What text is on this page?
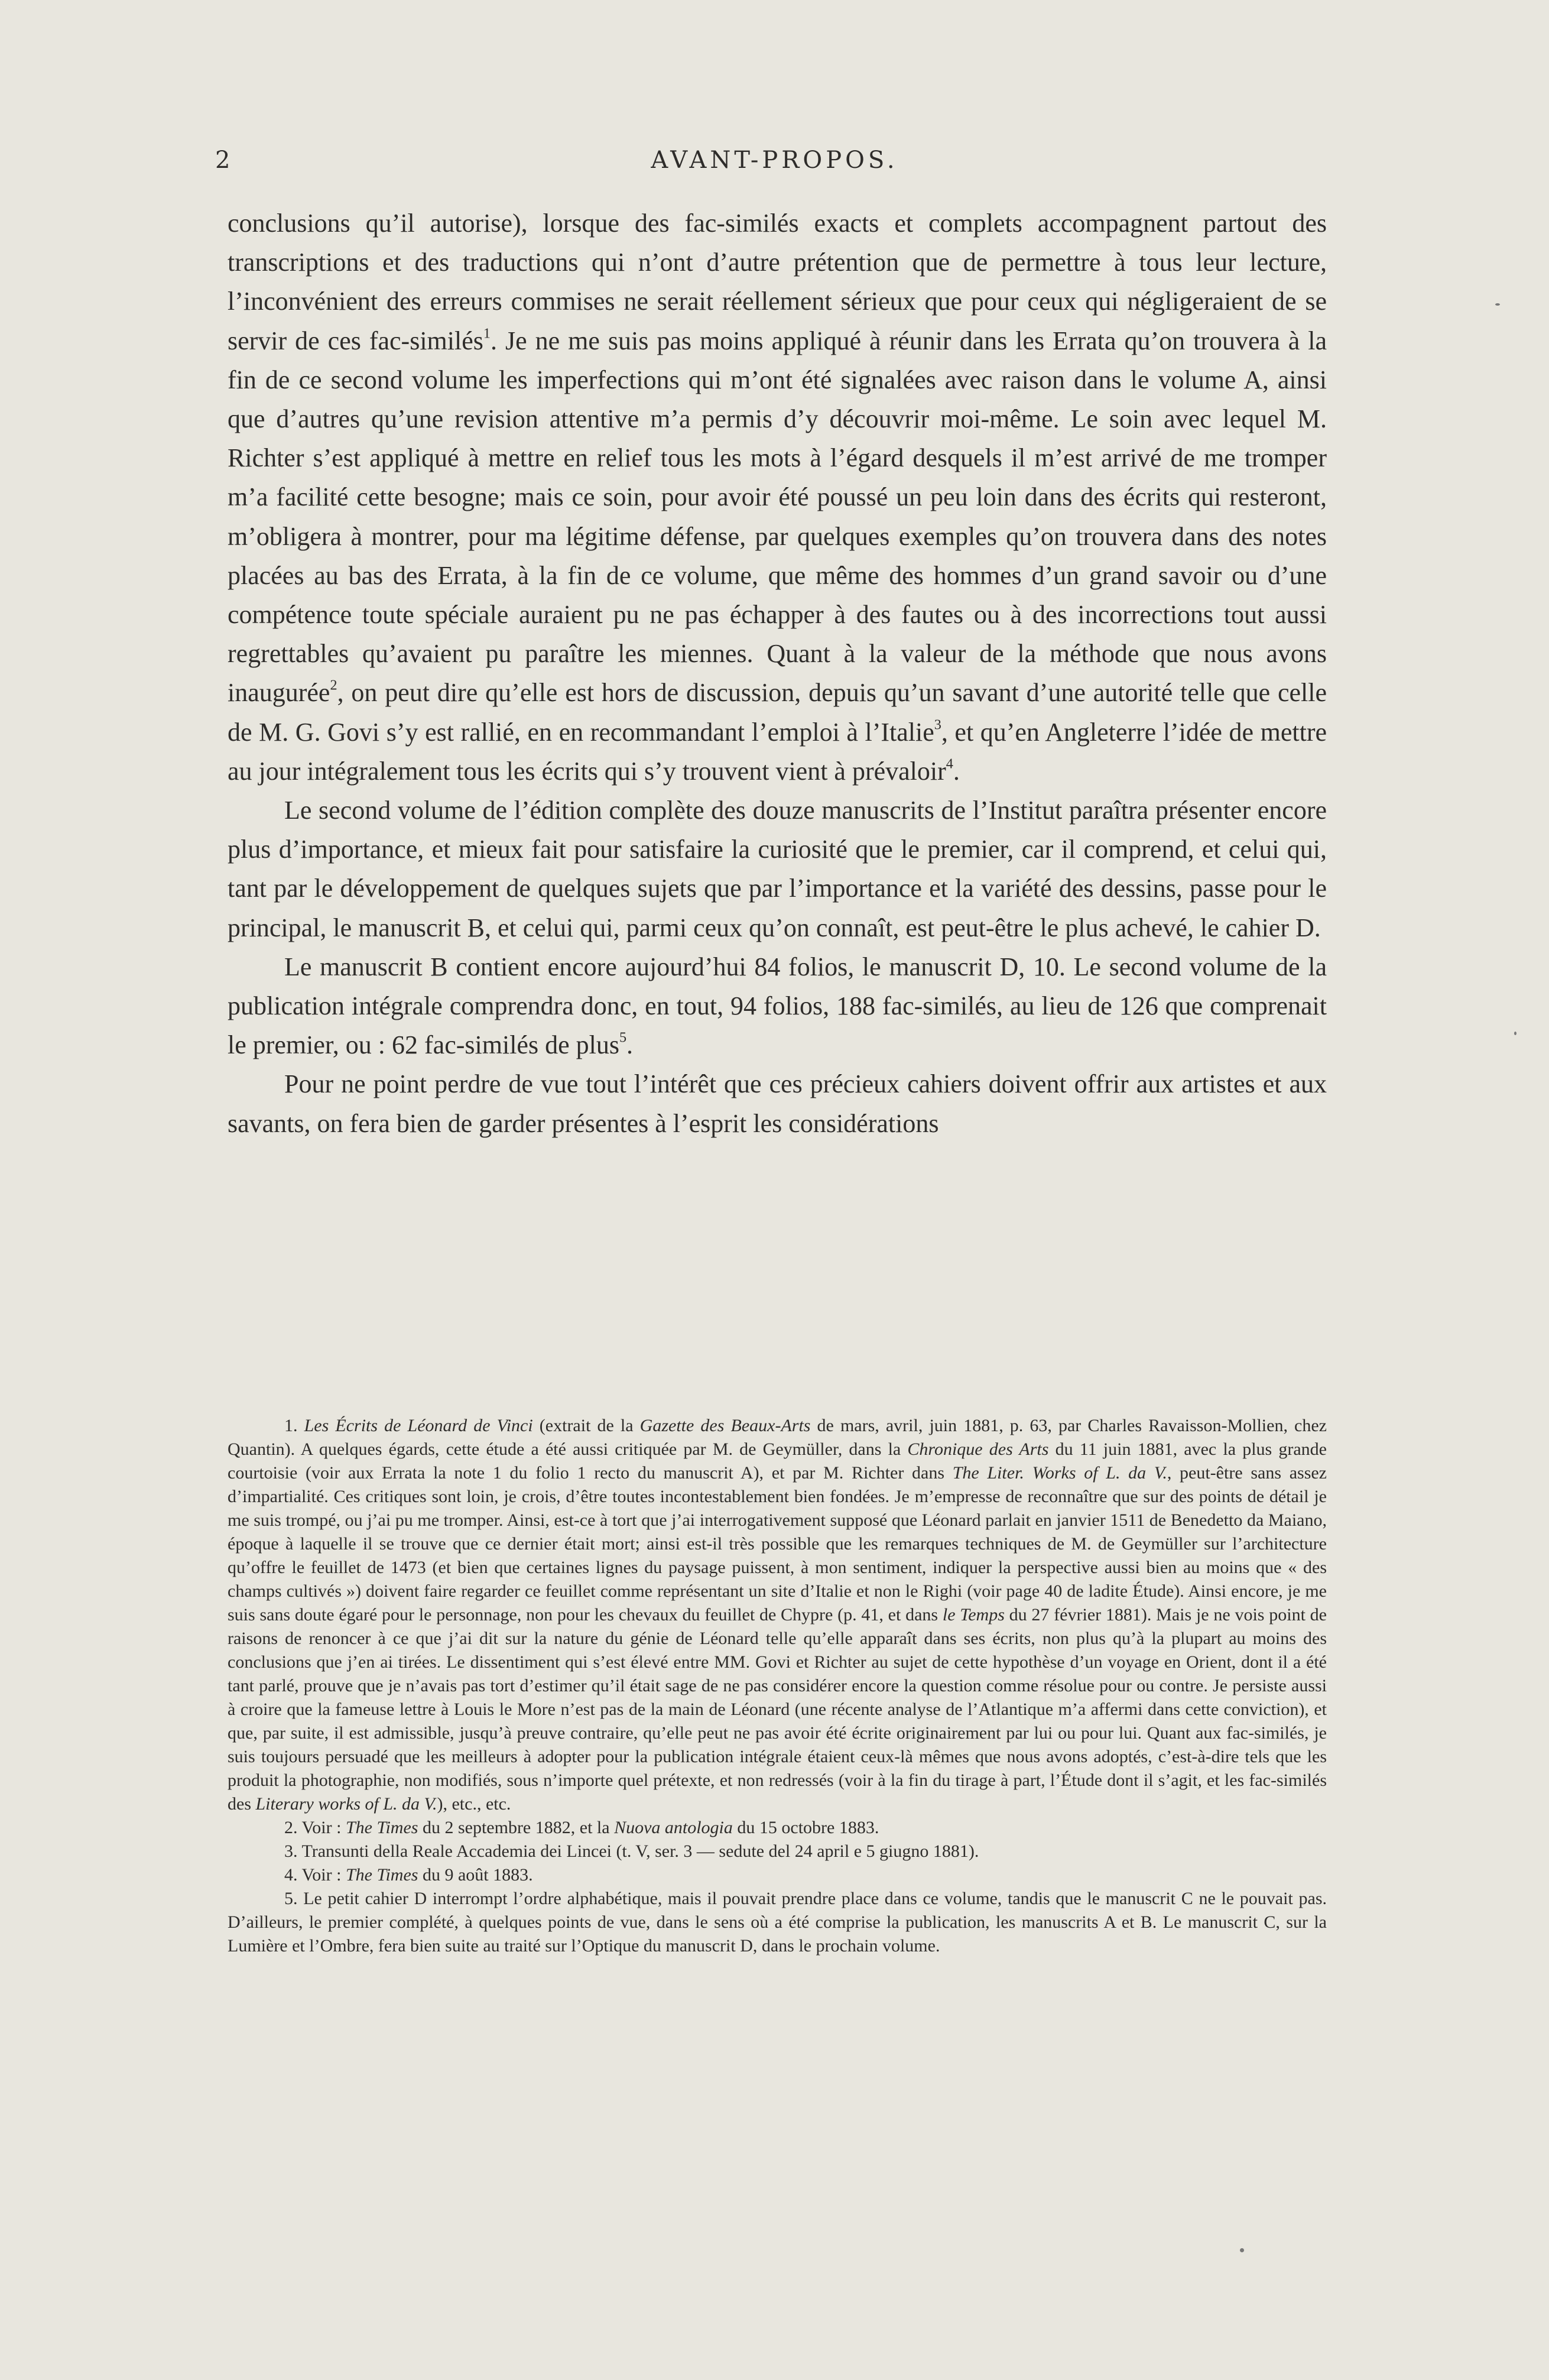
2	AVANT-PROPOS.

conclusions qu’il autorise), lorsque des fac-similés exacts et complets accompagnent partout des transcriptions et des traductions qui n’ont d’autre prétention que de permettre à tous leur lecture, l’inconvénient des erreurs commises ne serait réellement sérieux que pour ceux qui négligeraient de se servir de ces fac-similés$^1$. Je ne me suis pas moins appliqué à réunir dans les Errata qu’on trouvera à la fin de ce second volume les imperfections qui m’ont été signalées avec raison dans le volume A, ainsi que d’autres qu’une revision attentive m’a permis d’y découvrir moi-même. Le soin avec lequel M. Richter s’est appliqué à mettre en relief tous les mots à l’égard desquels il m’est arrivé de me tromper m’a facilité cette besogne; mais ce soin, pour avoir été poussé un peu loin dans des écrits qui resteront, m’obligera à montrer, pour ma légitime défense, par quelques exemples qu’on trouvera dans des notes placées au bas des Errata, à la fin de ce volume, que même des hommes d’un grand savoir ou d’une compétence toute spéciale auraient pu ne pas échapper à des fautes ou à des incorrections tout aussi regrettables qu’avaient pu paraître les miennes. Quant à la valeur de la méthode que nous avons inaugurée$^2$, on peut dire qu’elle est hors de discussion, depuis qu’un savant d’une autorité telle que celle de M. G. Govi s’y est rallié, en en recommandant l’emploi à l’Italie$^3$, et qu’en Angleterre l’idée de mettre au jour intégralement tous les écrits qui s’y trouvent vient à prévaloir$^4$.

Le second volume de l’édition complète des douze manuscrits de l’Institut paraîtra présenter encore plus d’importance, et mieux fait pour satisfaire la curiosité que le premier, car il comprend, et celui qui, tant par le développement de quelques sujets que par l’importance et la variété des dessins, passe pour le principal, le manuscrit B, et celui qui, parmi ceux qu’on connaît, est peut-être le plus achevé, le cahier D.

Le manuscrit B contient encore aujourd’hui 84 folios, le manuscrit D, 10. Le second volume de la publication intégrale comprendra donc, en tout, 94 folios, 188 fac-similés, au lieu de 126 que comprenait le premier, ou : 62 fac-similés de plus$^5$.

Pour ne point perdre de vue tout l’intérêt que ces précieux cahiers doivent offrir aux artistes et aux savants, on fera bien de garder présentes à l’esprit les considérations

1. Les Écrits de Léonard de Vinci (extrait de la Gazette des Beaux-Arts de mars, avril, juin 1881, p. 63, par Charles Ravaisson-Mollien, chez Quantin). A quelques égards, cette étude a été aussi critiquée par M. de Geymüller, dans la Chronique des Arts du 11 juin 1881, avec la plus grande courtoisie (voir aux Errata la note 1 du folio 1 recto du manuscrit A), et par M. Richter dans The Liter. Works of L. da V., peut-être sans assez d’impartialité. Ces critiques sont loin, je crois, d’être toutes incontestablement bien fondées. Je m’empresse de reconnaître que sur des points de détail je me suis trompé, ou j’ai pu me tromper. Ainsi, est-ce à tort que j’ai interrogativement supposé que Léonard parlait en janvier 1511 de Benedetto da Maiano, époque à laquelle il se trouve que ce dernier était mort; ainsi est-il très possible que les remarques techniques de M. de Geymüller sur l’architecture qu’offre le feuillet de 1473 (et bien que certaines lignes du paysage puissent, à mon sentiment, indiquer la perspective aussi bien au moins que « des champs cultivés ») doivent faire regarder ce feuillet comme représentant un site d’Italie et non le Righi (voir page 40 de ladite Étude). Ainsi encore, je me suis sans doute égaré pour le personnage, non pour les chevaux du feuillet de Chypre (p. 41, et dans le Temps du 27 février 1881). Mais je ne vois point de raisons de renoncer à ce que j’ai dit sur la nature du génie de Léonard telle qu’elle apparaît dans ses écrits, non plus qu’à la plupart au moins des conclusions que j’en ai tirées. Le dissentiment qui s’est élevé entre MM. Govi et Richter au sujet de cette hypothèse d’un voyage en Orient, dont il a été tant parlé, prouve que je n’avais pas tort d’estimer qu’il était sage de ne pas considérer encore la question comme résolue pour ou contre. Je persiste aussi à croire que la fameuse lettre à Louis le More n’est pas de la main de Léonard (une récente analyse de l’Atlantique m’a affermi dans cette conviction), et que, par suite, il est admissible, jusqu’à preuve contraire, qu’elle peut ne pas avoir été écrite originairement par lui ou pour lui. Quant aux fac-similés, je suis toujours persuadé que les meilleurs à adopter pour la publication intégrale étaient ceux-là mêmes que nous avons adoptés, c’est-à-dire tels que les produit la photographie, non modifiés, sous n’importe quel prétexte, et non redressés (voir à la fin du tirage à part, l’Étude dont il s’agit, et les fac-similés des Literary works of L. da V.), etc., etc.

2. Voir : The Times du 2 septembre 1882, et la Nuova antologia du 15 octobre 1883.

3. Transunti della Reale Accademia dei Lincei (t. V, ser. 3 — sedute del 24 april e 5 giugno 1881).

4. Voir : The Times du 9 août 1883.

5. Le petit cahier D interrompt l’ordre alphabétique, mais il pouvait prendre place dans ce volume, tandis que le manuscrit C ne le pouvait pas. D’ailleurs, le premier complété, à quelques points de vue, dans le sens où a été comprise la publication, les manuscrits A et B. Le manuscrit C, sur la Lumière et l’Ombre, fera bien suite au traité sur l’Optique du manuscrit D, dans le prochain volume.
